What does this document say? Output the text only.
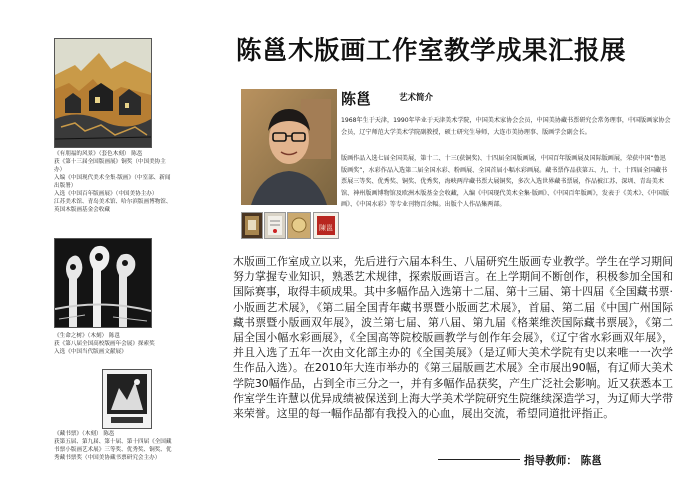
《有朋福的风景》（套色木刻） 陈邕
获《第十三届全国版画展》铜奖（中国美协主办）
入编《中国现代美术全集·版画》（中室部、新闻出版署）
入选《中国百年版画展》（中国美协主办）
江苏美术馆、青岛美术馆、哈尔滨版画博物馆、英国木版画基金会收藏
《生命之树》（木刻） 陈邕
获《第八届全国高校版画年会展》探索奖
入选《中国当代版画文献展》
《藏书票》（木刻） 陈邕
获第五届、第九届、第十届、第十四届《全国藏书票小版画艺术展》三等奖、优秀奖、铜奖、优秀藏书票奖（中国美协藏书票研究会主办）
陈邕木版画工作室教学成果汇报展
陳邕
陈邕	艺术简介
1968年生于天津，1990年毕业于天津美术学院，中国美术家协会会员，中国美协藏书票研究会常务理事，中国版画家协会会员，辽宁师范大学美术学院副教授，硕士研究生导师，大连市美协理事、版画学会副会长。
版画作品入选七届全国美展，第十二、十三(获铜奖)、十四届全国版画展，中国百年版画展及国际版画展，荣获中国“鲁迅版画奖”，水彩作品入选第二届全国水彩、粉画展、全国首届小幅水彩画展。藏书票作品获第五、九、十、十四届全国藏书票展三等奖、优秀奖、铜奖、优秀奖，海峡两岸藏书票大展铜奖，多次入选世界藏书票展，作品被江苏、深圳、青岛美术馆、神州版画博物馆及欧洲木版基金会收藏，入编《中国现代美术全集·版画》、《中国百年版画》，发表于《美术》、《中国版画》、《中国水彩》等专业刊物百余幅。出版个人作品集两部。
木版画工作室成立以来，先后进行六届本科生、八届研究生版画专业教学。学生在学习期间努力掌握专业知识，熟悉艺术规律，探索版画语言。在上学期间不断创作，积极参加全国和国际赛事，取得丰硕成果。其中多幅作品入选第十二届、第十三届、第十四届《全国藏书票·小版画艺术展》，《第二届全国青年藏书票暨小版画艺术展》，首届、第二届《中国广州国际藏书票暨小版画双年展》，波兰第七届、第八届、第九届《格莱维茨国际藏书票展》，《第二届全国小幅水彩画展》，《全国高等院校版画教学与创作年会展》，《辽宁省水彩画双年展》，并且入选了五年一次由文化部主办的《全国美展》（是辽师大美术学院有史以来唯一一次学生作品入选）。在2010年大连市举办的《第三届版画艺术展》全市展出90幅，有辽师大美术学院30幅作品，占到全市三分之一，并有多幅作品获奖，产生广泛社会影响。近又获悉本工作室学生许慧以优异成绩被保送到上海大学美术学院研究生院继续深造学习，为辽师大学带来荣誉。这里的每一幅作品都有我投入的心血，展出交流，希望同道批评指正。
指导教师： 陈邕
